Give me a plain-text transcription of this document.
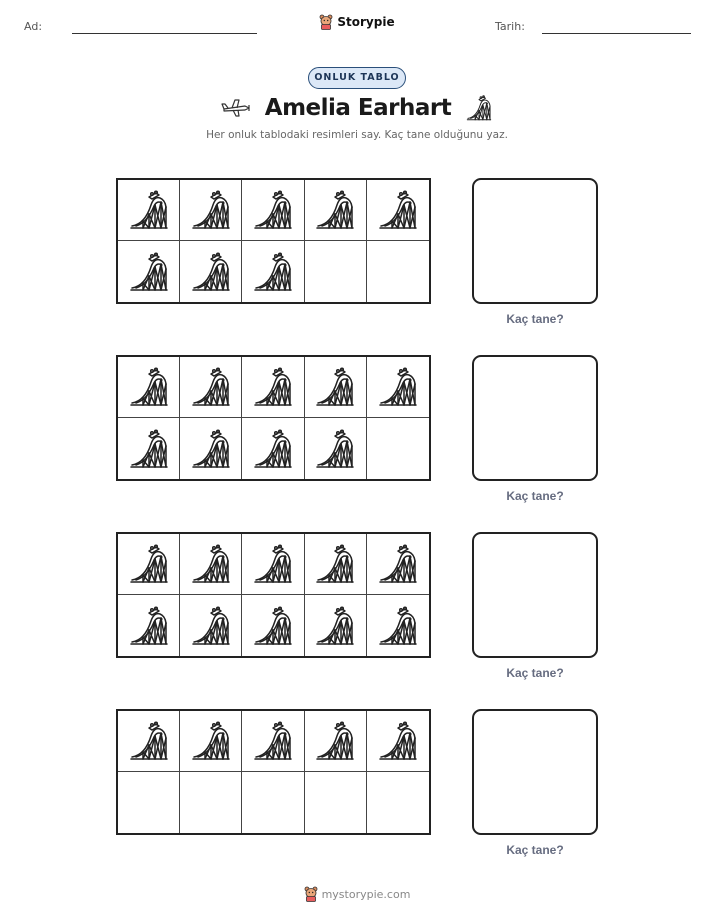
Ad:	Tarih:
Storypie
ONLUK TABLO
Amelia Earhart
Her onluk tablodaki resimleri say. Kaç tane olduğunu yaz.
Kaç tane?
Kaç tane?
Kaç tane?
Kaç tane?
mystorypie.com
